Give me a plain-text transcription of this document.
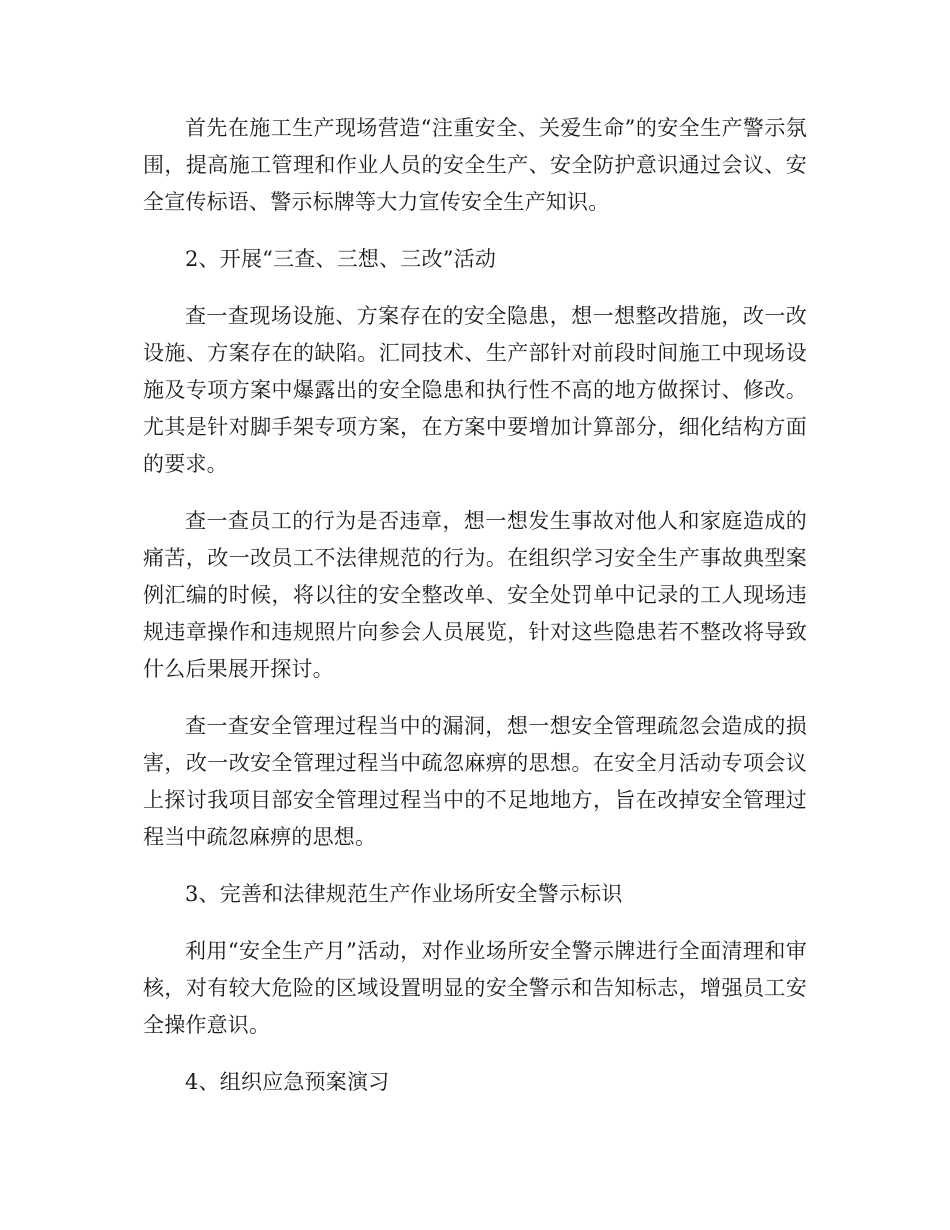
首先在施工生产现场营造“注重安全、关爱生命”的安全生产警示氛围，提高施工管理和作业人员的安全生产、安全防护意识通过会议、安全宣传标语、警示标牌等大力宣传安全生产知识。

2、开展“三查、三想、三改”活动

查一查现场设施、方案存在的安全隐患，想一想整改措施，改一改设施、方案存在的缺陷。汇同技术、生产部针对前段时间施工中现场设施及专项方案中爆露出的安全隐患和执行性不高的地方做探讨、修改。尤其是针对脚手架专项方案，在方案中要增加计算部分，细化结构方面的要求。

查一查员工的行为是否违章，想一想发生事故对他人和家庭造成的痛苦，改一改员工不法律规范的行为。在组织学习安全生产事故典型案例汇编的时候，将以往的安全整改单、安全处罚单中记录的工人现场违规违章操作和违规照片向参会人员展览，针对这些隐患若不整改将导致什么后果展开探讨。

查一查安全管理过程当中的漏洞，想一想安全管理疏忽会造成的损害，改一改安全管理过程当中疏忽麻痹的思想。在安全月活动专项会议上探讨我项目部安全管理过程当中的不足地地方，旨在改掉安全管理过程当中疏忽麻痹的思想。

3、完善和法律规范生产作业场所安全警示标识

利用“安全生产月”活动，对作业场所安全警示牌进行全面清理和审核，对有较大危险的区域设置明显的安全警示和告知标志，增强员工安全操作意识。

4、组织应急预案演习
